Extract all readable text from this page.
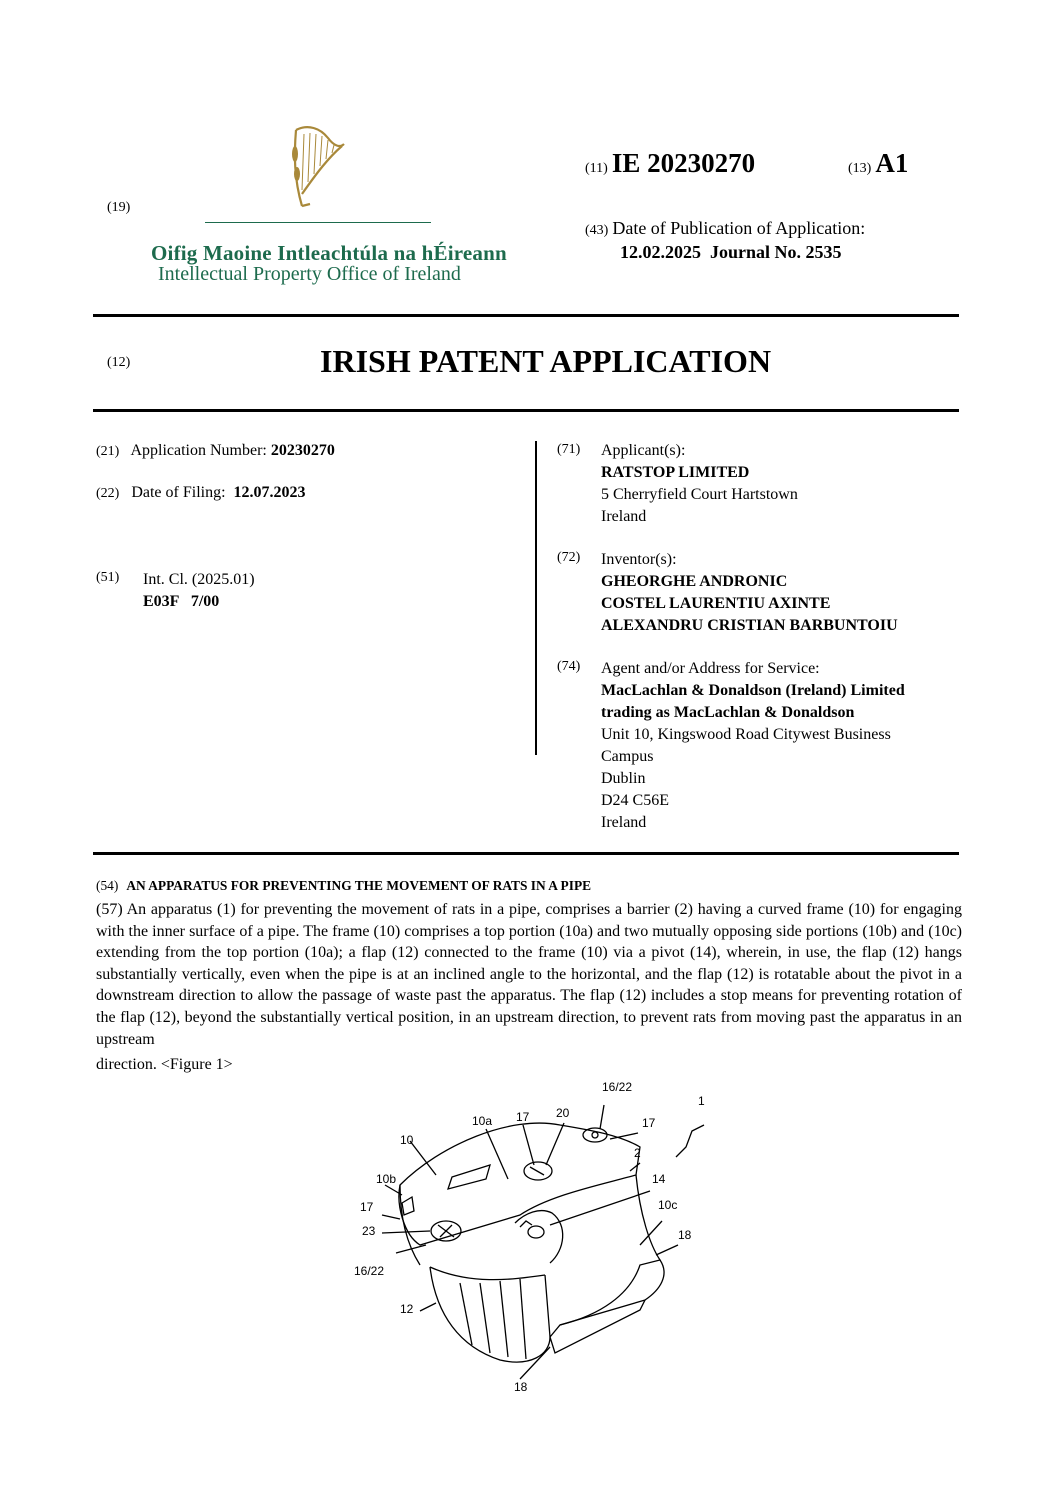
(19)
Oifig Maoine Intleachtúla na hÉireann
Intellectual Property Office of Ireland
(11) IE 20230270	(13) A1
(43) Date of Publication of Application:
12.02.2025  Journal No. 2535
(12)	IRISH PATENT APPLICATION
(21) Application Number: 20230270
(22) Date of Filing: 12.07.2023
(51) Int. Cl. (2025.01)
E03F   7/00
(71) Applicant(s):
RATSTOP LIMITED
5 Cherryfield Court Hartstown
Ireland
(72) Inventor(s):
GHEORGHE ANDRONIC
COSTEL LAURENTIU AXINTE
ALEXANDRU CRISTIAN BARBUNTOIU
(74) Agent and/or Address for Service:
MacLachlan & Donaldson (Ireland) Limited
trading as MacLachlan & Donaldson
Unit 10, Kingswood Road Citywest Business
Campus
Dublin
D24 C56E
Ireland
(54) AN APPARATUS FOR PREVENTING THE MOVEMENT OF RATS IN A PIPE
(57) An apparatus (1) for preventing the movement of rats in a pipe, comprises a barrier (2) having a curved frame (10) for engaging with the inner surface of a pipe. The frame (10) comprises a top portion (10a) and two mutually opposing side portions (10b) and (10c) extending from the top portion (10a); a flap (12) connected to the frame (10) via a pivot (14), wherein, in use, the flap (12) hangs substantially vertically, even when the pipe is at an inclined angle to the horizontal, and the flap (12) is rotatable about the pivot in a downstream direction to allow the passage of waste past the apparatus. The flap (12) includes a stop means for preventing rotation of the flap (12), beyond the substantially vertical position, in an upstream direction, to prevent rats from moving past the apparatus in an upstream
direction. <Figure 1>
16/22
1
10a 17 20
17
10
2
10b	14
17	10c
23	18
16/22
12
18
